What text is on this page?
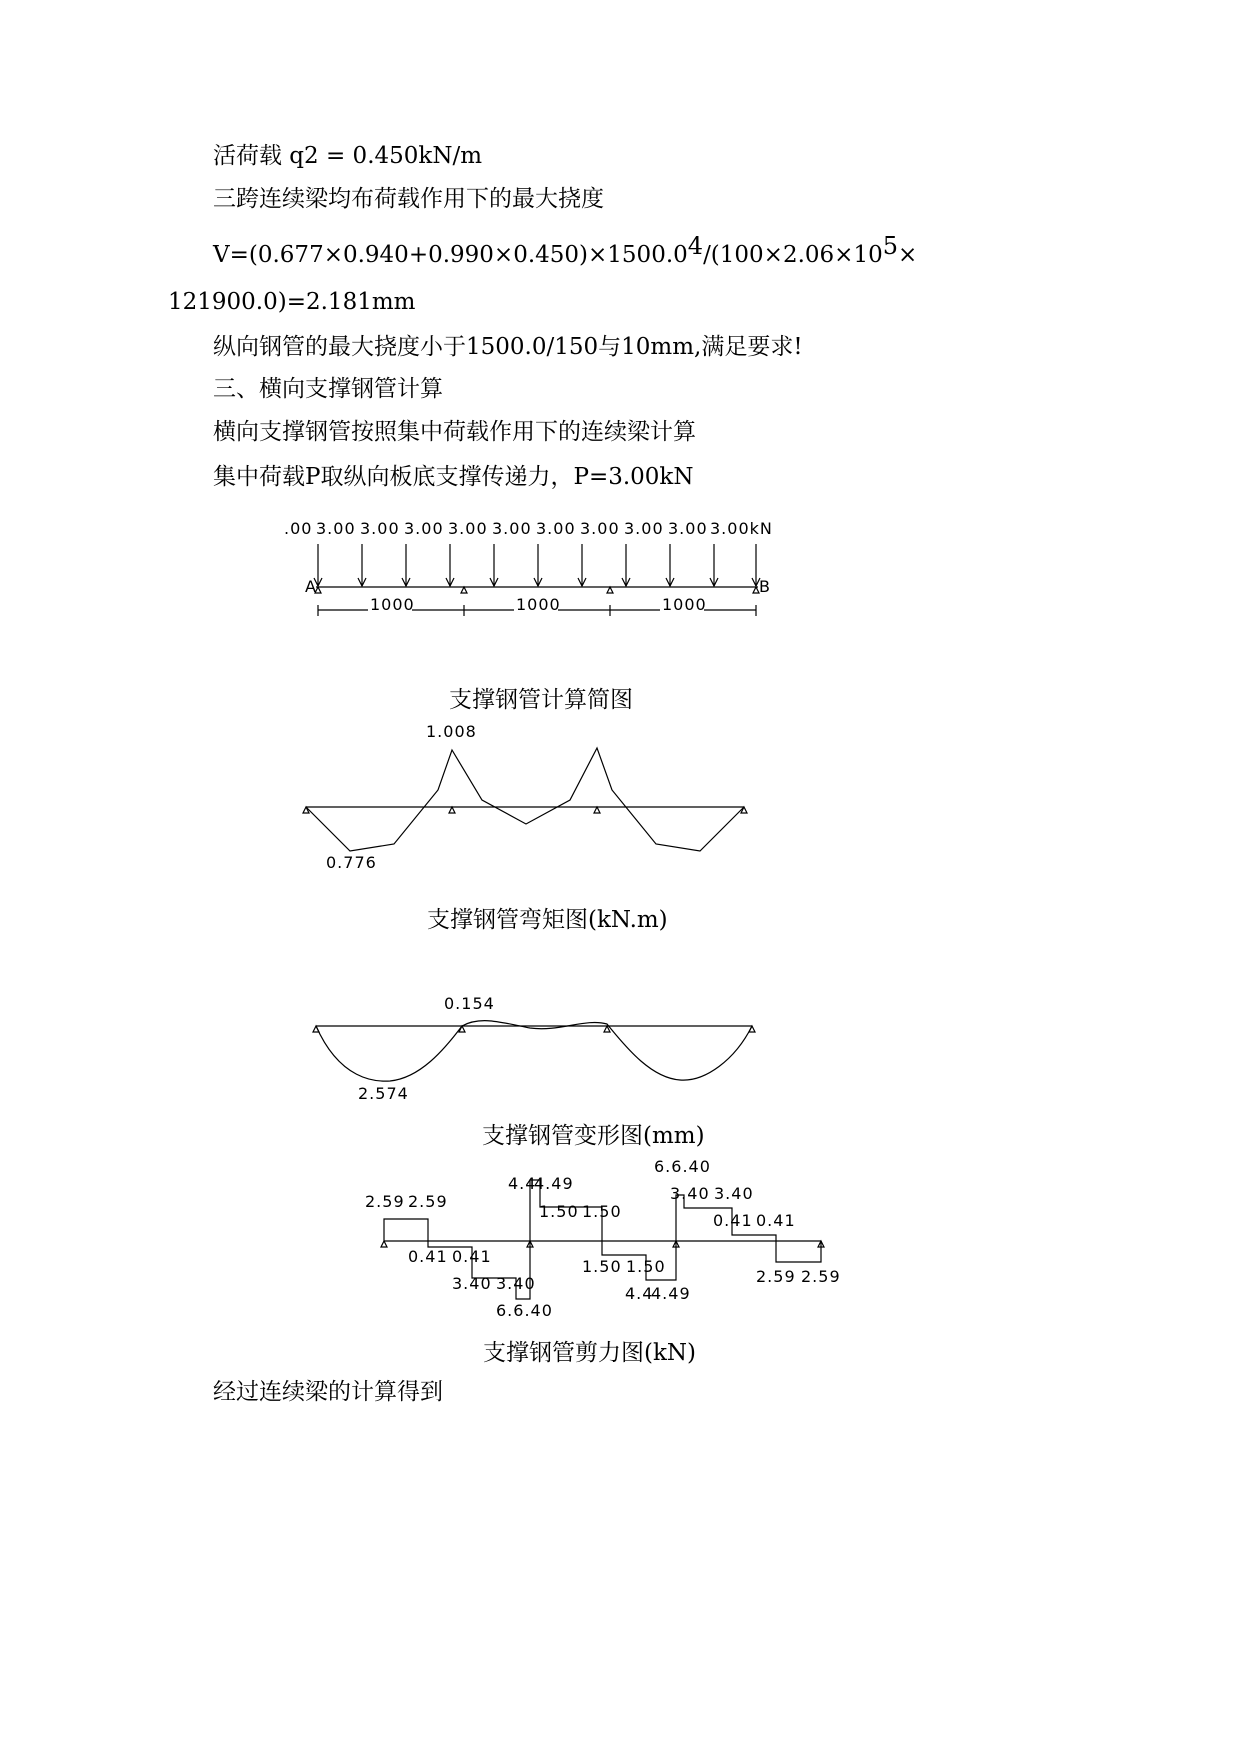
活荷载 q2 = 0.450kN/m
三跨连续梁均布荷载作用下的最大挠度
$V=(0.677\times 0.940+0.990\times 0.450)\times 1500.0^4/(100\times 2.06\times 10^5\times$
121900.0)=2.181mm
纵向钢管的最大挠度小于1500.0/150与10mm,满足要求!
三、横向支撑钢管计算
横向支撑钢管按照集中荷载作用下的连续梁计算
集中荷载P取纵向板底支撑传递力，P=3.00kN
.00 3.00 3.00 3.00 3.00 3.00 3.00 3.00 3.00 3.00 3.00kN
A	B
1000	1000	1000
支撑钢管计算简图
1.008
0.776
支撑钢管弯矩图(kN.m)
0.154
2.574
支撑钢管变形图(mm)
2.59 2.59
0.41 0.41
3.40 3.40
6.6.40
4.4
4.49
1.50 1.50
1.50 1.50
4.4
4.49
6.6.40
3.40 3.40
0.41 0.41
2.59 2.59
支撑钢管剪力图(kN)
经过连续梁的计算得到
